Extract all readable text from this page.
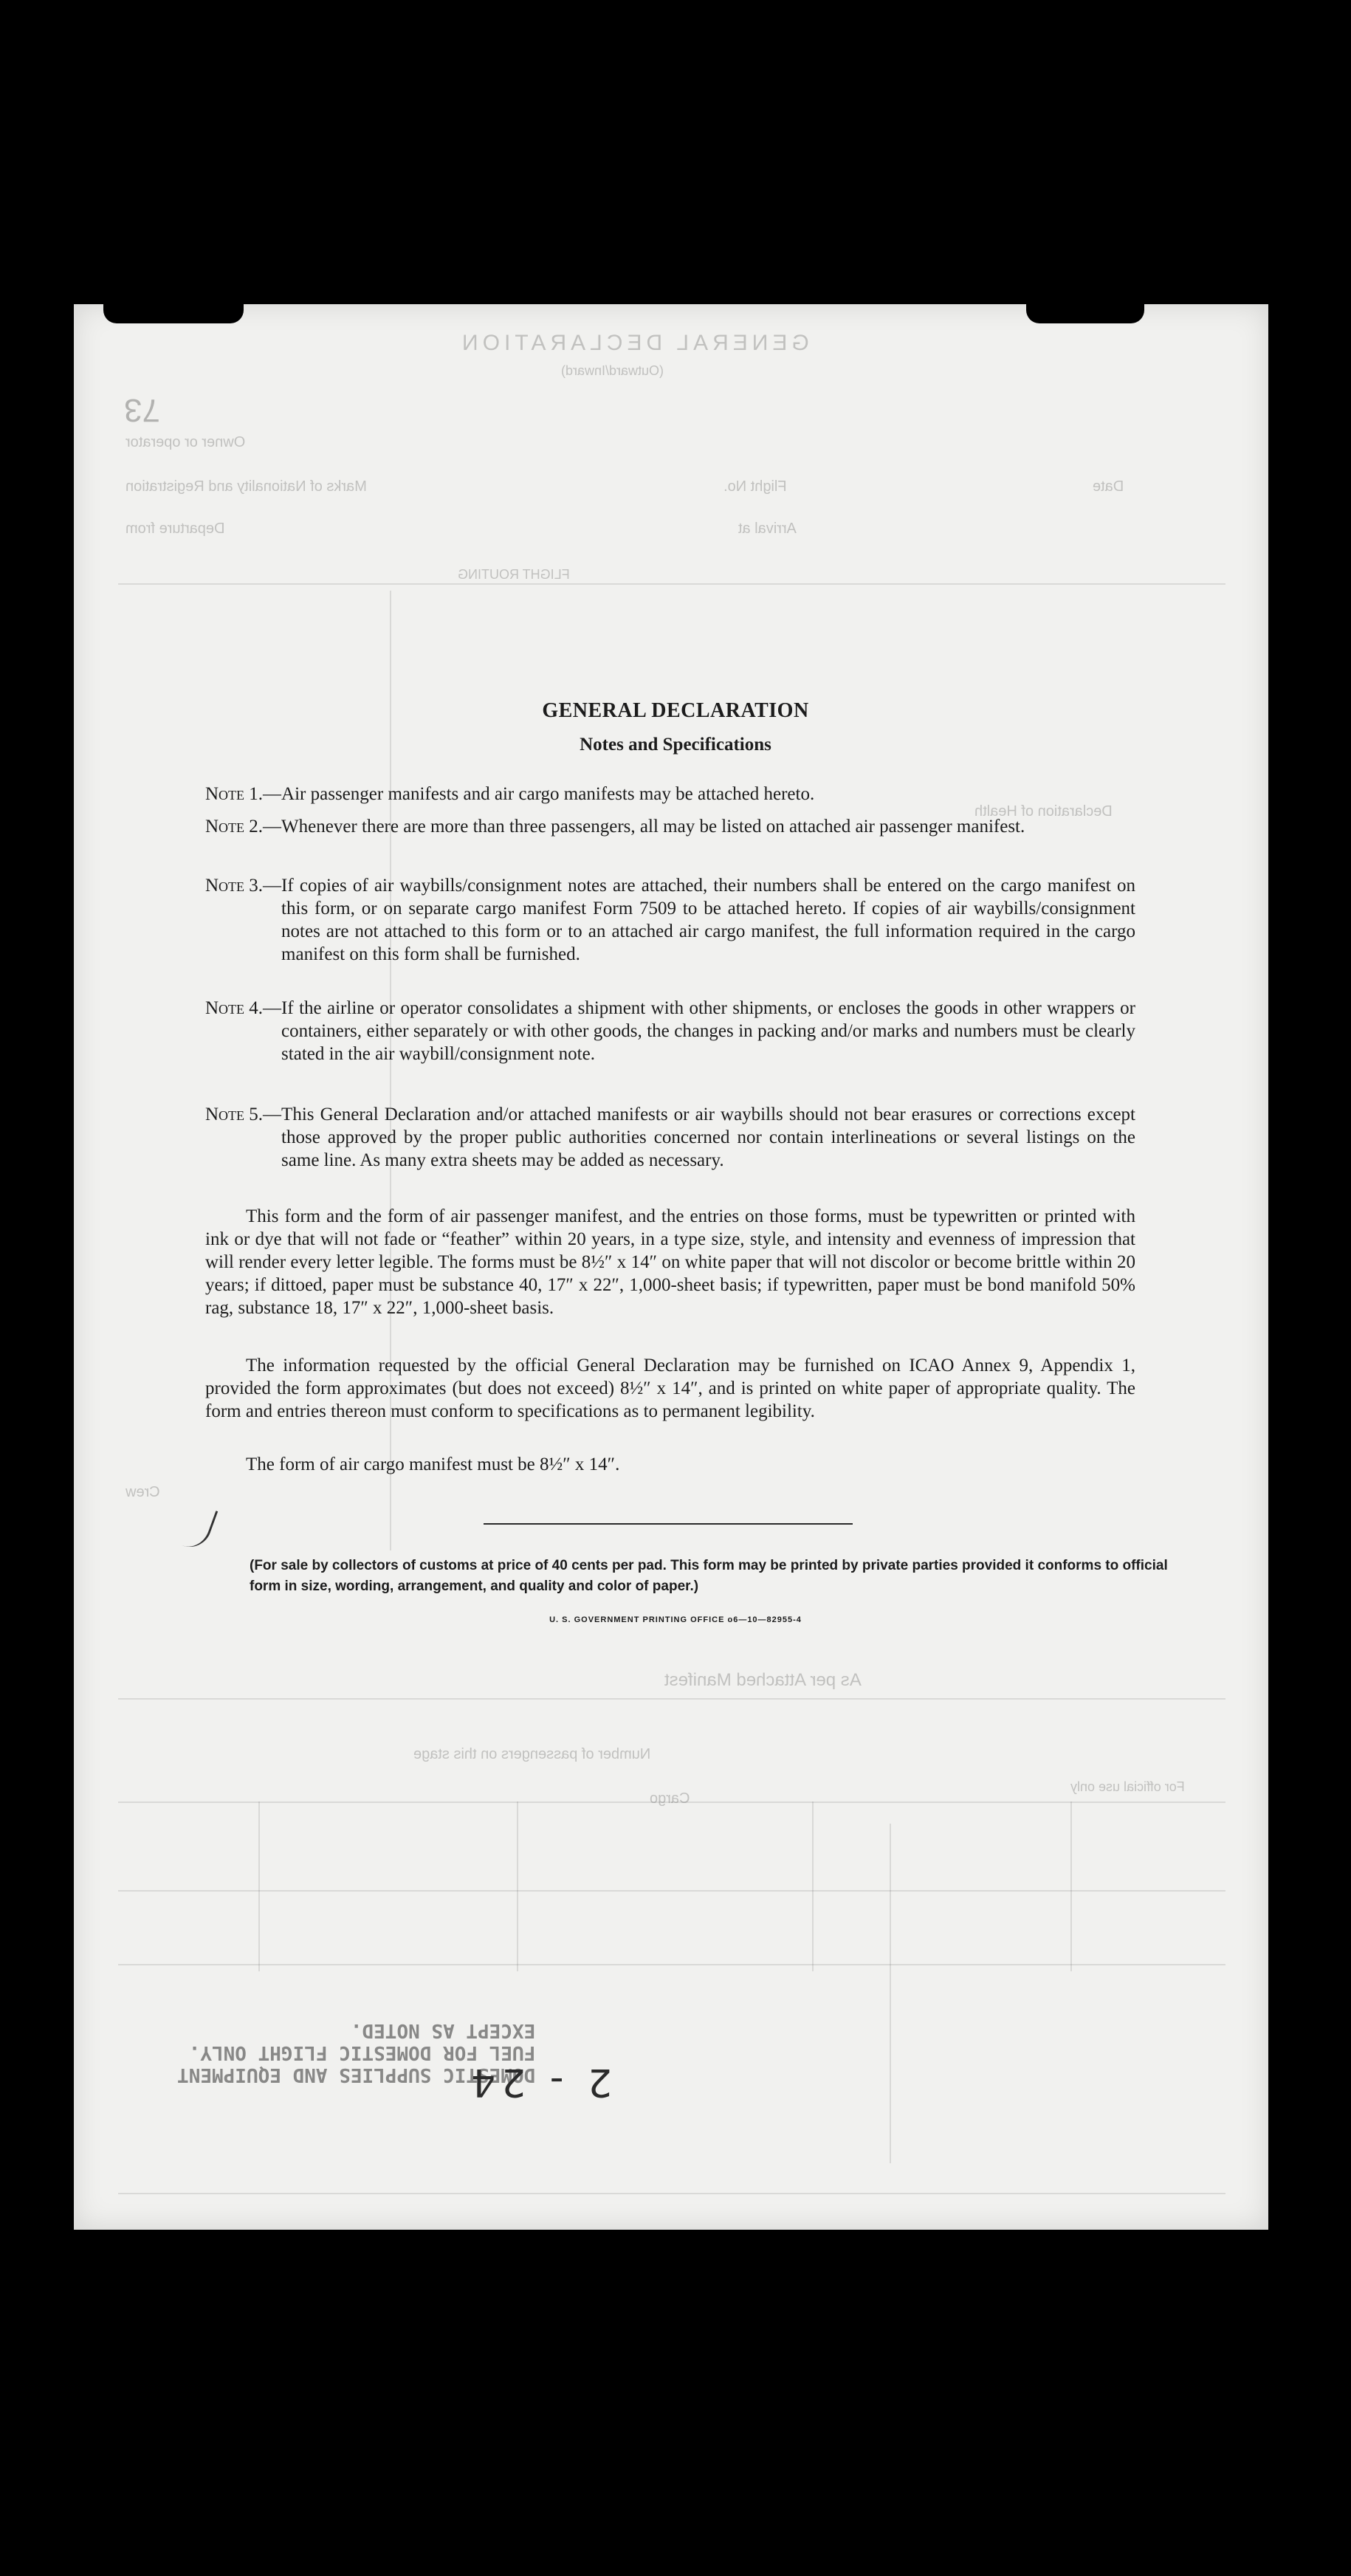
GENERAL DECLARATION
(Outward/Inward)
Owner or operator
Marks of Nationality and Registration	Flight No.	Date
Departure from	Arrival at
FLIGHT ROUTING
Declaration of Health
Crew
Number of passengers on this stage
Cargo
For official use only
As per Attached Manifest
73
GENERAL DECLARATION
Notes and Specifications
Note 1.— Air passenger manifests and air cargo manifests may be attached hereto.
Note 2.— Whenever there are more than three passengers, all may be listed on attached air passenger manifest.
Note 3.— If copies of air waybills/consignment notes are attached, their numbers shall be entered on the cargo manifest on this form, or on separate cargo manifest Form 7509 to be attached hereto. If copies of air waybills/consignment notes are not attached to this form or to an attached air cargo manifest, the full information required in the cargo manifest on this form shall be furnished.
Note 4.— If the airline or operator consolidates a shipment with other shipments, or encloses the goods in other wrappers or containers, either separately or with other goods, the changes in packing and/or marks and numbers must be clearly stated in the air waybill/consignment note.
Note 5.— This General Declaration and/or attached manifests or air waybills should not bear erasures or corrections except those approved by the proper public authorities concerned nor contain interlineations or several listings on the same line. As many extra sheets may be added as necessary.
This form and the form of air passenger manifest, and the entries on those forms, must be typewritten or printed with ink or dye that will not fade or “feather” within 20 years, in a type size, style, and intensity and evenness of impression that will render every letter legible. The forms must be 8½″ x 14″ on white paper that will not discolor or become brittle within 20 years; if dittoed, paper must be substance 40, 17″ x 22″, 1,000-sheet basis; if typewritten, paper must be bond manifold 50% rag, substance 18, 17″ x 22″, 1,000-sheet basis.
The information requested by the official General Declaration may be furnished on ICAO Annex 9, Appendix 1, provided the form approximates (but does not exceed) 8½″ x 14″, and is printed on white paper of appropriate quality. The form and entries thereon must conform to specifications as to permanent legibility.
The form of air cargo manifest must be 8½″ x 14″.
(For sale by collectors of customs at price of 40 cents per pad. This form may be printed by private parties provided it conforms to official form in size, wording, arrangement, and quality and color of paper.)
U. S. GOVERNMENT PRINTING OFFICE o6—10—82955-4
DOMESTIC SUPPLIES AND EQUIPMENT
FUEL FOR DOMESTIC FLIGHT ONLY.
EXCEPT AS NOTED.
2 - 24
